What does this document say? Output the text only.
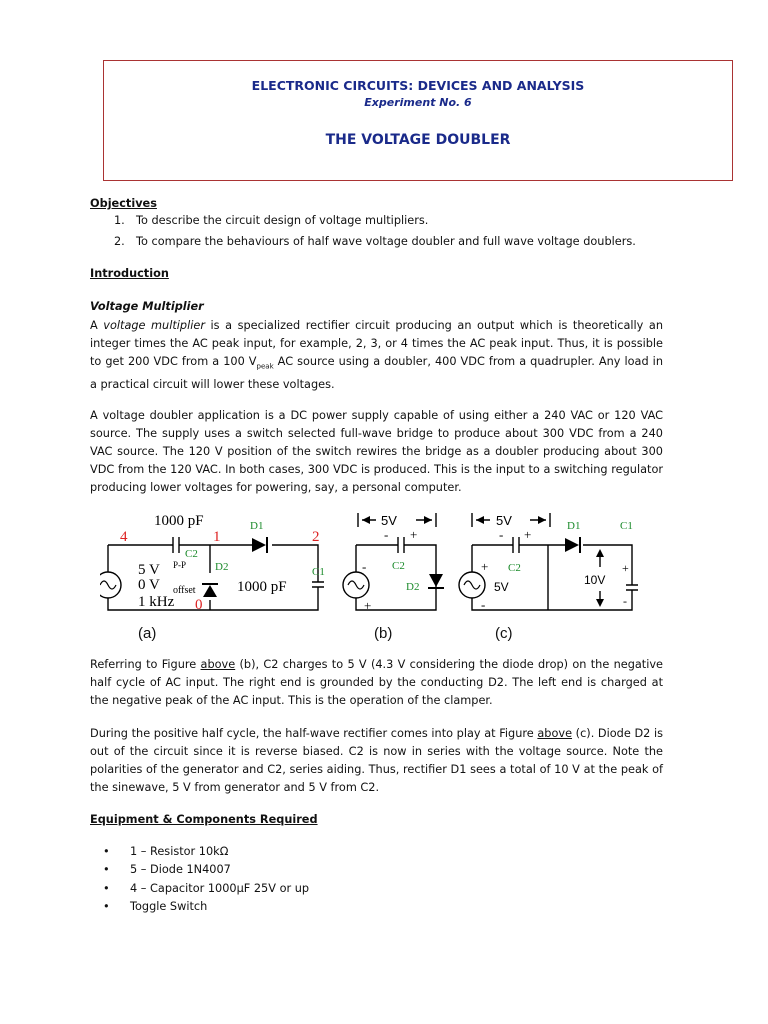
ELECTRONIC CIRCUITS: DEVICES AND ANALYSIS
Experiment No. 6
THE VOLTAGE DOUBLER
Objectives
1. To describe the circuit design of voltage multipliers.
2. To compare the behaviours of half wave voltage doubler and full wave voltage doublers.
Introduction
Voltage Multiplier
A voltage multiplier is a specialized rectifier circuit producing an output which is theoretically an integer times the AC peak input, for example, 2, 3, or 4 times the AC peak input. Thus, it is possible to get 200 VDC from a 100 $V_{peak}$ AC source using a doubler, 400 VDC from a quadrupler. Any load in a practical circuit will lower these voltages.
A voltage doubler application is a DC power supply capable of using either a 240 VAC or 120 VAC source. The supply uses a switch selected full-wave bridge to produce about 300 VDC from a 240 VAC source. The 120 V position of the switch rewires the bridge as a doubler producing about 300 VDC from the 120 VAC. In both cases, 300 VDC is produced. This is the input to a switching regulator producing lower voltages for powering, say, a personal computer.
1000 pF
4	1	2
0
D1
C2
D2	C1
5 V P-P
0 V offset
1 kHz
1000 pF
5V
- +
C2
D2
-
+
5V
- +
D1	C1
C2
+
-
5V	10V
+
-
(a)	(b)	(c)
Referring to Figure above (b), C2 charges to 5 V (4.3 V considering the diode drop) on the negative half cycle of AC input. The right end is grounded by the conducting D2. The left end is charged at the negative peak of the AC input. This is the operation of the clamper.
During the positive half cycle, the half-wave rectifier comes into play at Figure above (c). Diode D2 is out of the circuit since it is reverse biased. C2 is now in series with the voltage source. Note the polarities of the generator and C2, series aiding. Thus, rectifier D1 sees a total of 10 V at the peak of the sinewave, 5 V from generator and 5 V from C2.
Equipment & Components Required
• 1 – Resistor 10kΩ
• 5 – Diode 1N4007
• 4 – Capacitor 1000µF 25V or up
• Toggle Switch
